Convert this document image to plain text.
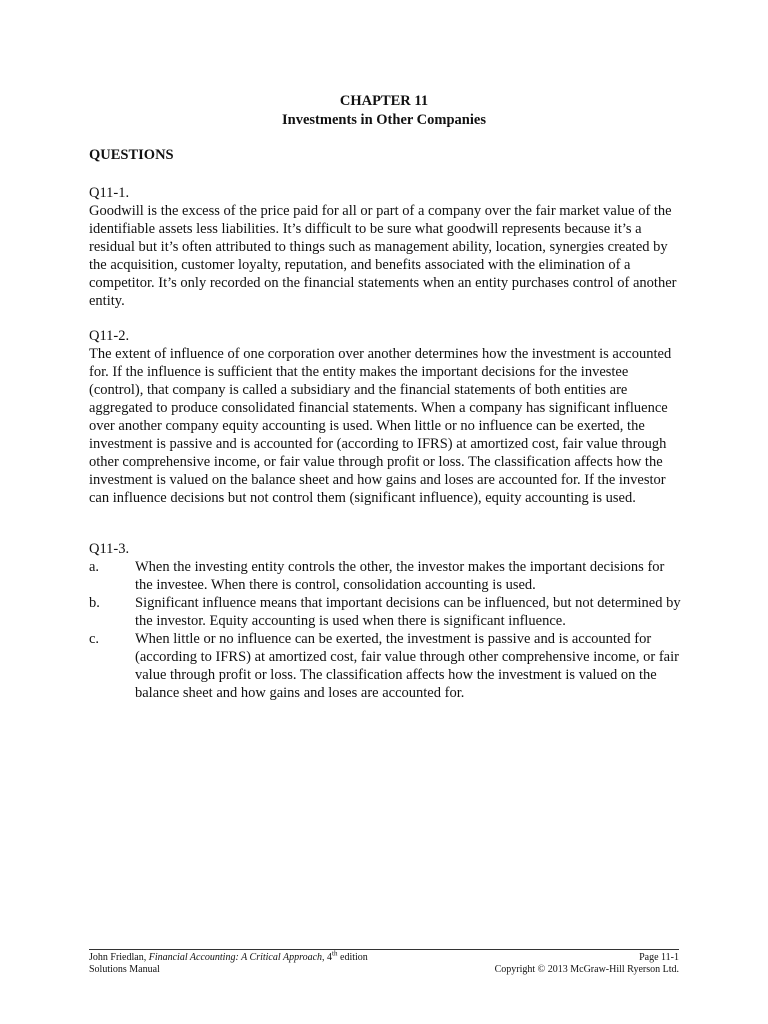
CHAPTER 11
Investments in Other Companies
QUESTIONS

Q11-1.

Goodwill is the excess of the price paid for all or part of a company over the fair market value of the identifiable assets less liabilities. It’s difficult to be sure what goodwill represents because it’s a residual but it’s often attributed to things such as management ability, location, synergies created by the acquisition, customer loyalty, reputation, and benefits associated with the elimination of a competitor. It’s only recorded on the financial statements when an entity purchases control of another entity.

Q11-2.

The extent of influence of one corporation over another determines how the investment is accounted for. If the influence is sufficient that the entity makes the important decisions for the investee (control), that company is called a subsidiary and the financial statements of both entities are aggregated to produce consolidated financial statements. When a company has significant influence over another company equity accounting is used. When little or no influence can be exerted, the investment is passive and is accounted for (according to IFRS) at amortized cost, fair value through other comprehensive income, or fair value through profit or loss. The classification affects how the investment is valued on the balance sheet and how gains and loses are accounted for. If the investor can influence decisions but not control them (significant influence), equity accounting is used.

Q11-3.

a.	When the investing entity controls the other, the investor makes the important decisions for the investee. When there is control, consolidation accounting is used.
b.	Significant influence means that important decisions can be influenced, but not determined by the investor. Equity accounting is used when there is significant influence.
c.	When little or no influence can be exerted, the investment is passive and is accounted for (according to IFRS) at amortized cost, fair value through other comprehensive income, or fair value through profit or loss. The classification affects how the investment is valued on the balance sheet and how gains and loses are accounted for.
John Friedlan, Financial Accounting: A Critical Approach, 4th edition	Page 11-1
Solutions Manual	Copyright © 2013 McGraw-Hill Ryerson Ltd.
